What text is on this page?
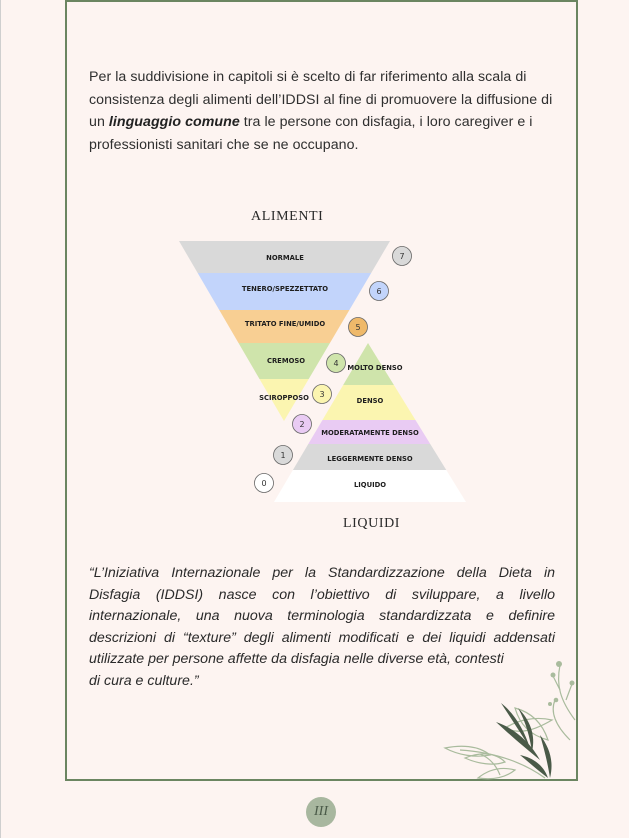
Per la suddivisione in capitoli si è scelto di far riferimento alla scala di consistenza degli alimenti dell’IDDSI al fine di promuovere la diffusione di un linguaggio comune tra le persone con disfagia, i loro caregiver e i professionisti sanitari che se ne occupano.

ALIMENTI
LIQUIDI
NORMALE
TENERO/SPEZZETTATO
TRITATO FINE/UMIDO
CREMOSO
SCIROPPOSO
MOLTO DENSO
DENSO
MODERATAMENTE DENSO
LEGGERMENTE DENSO
LIQUIDO
7
6
5
4
3
2
1
0
“L’Iniziativa Internazionale per la Standardizzazione della Dieta in
Disfagia (IDDSI) nasce con l’obiettivo di sviluppare, a livello
internazionale, una nuova terminologia standardizzata e definire
descrizioni di “texture” degli alimenti modificati e dei liquidi addensati
utilizzate per persone affette da disfagia nelle diverse età, contesti
di cura e culture.”
III
